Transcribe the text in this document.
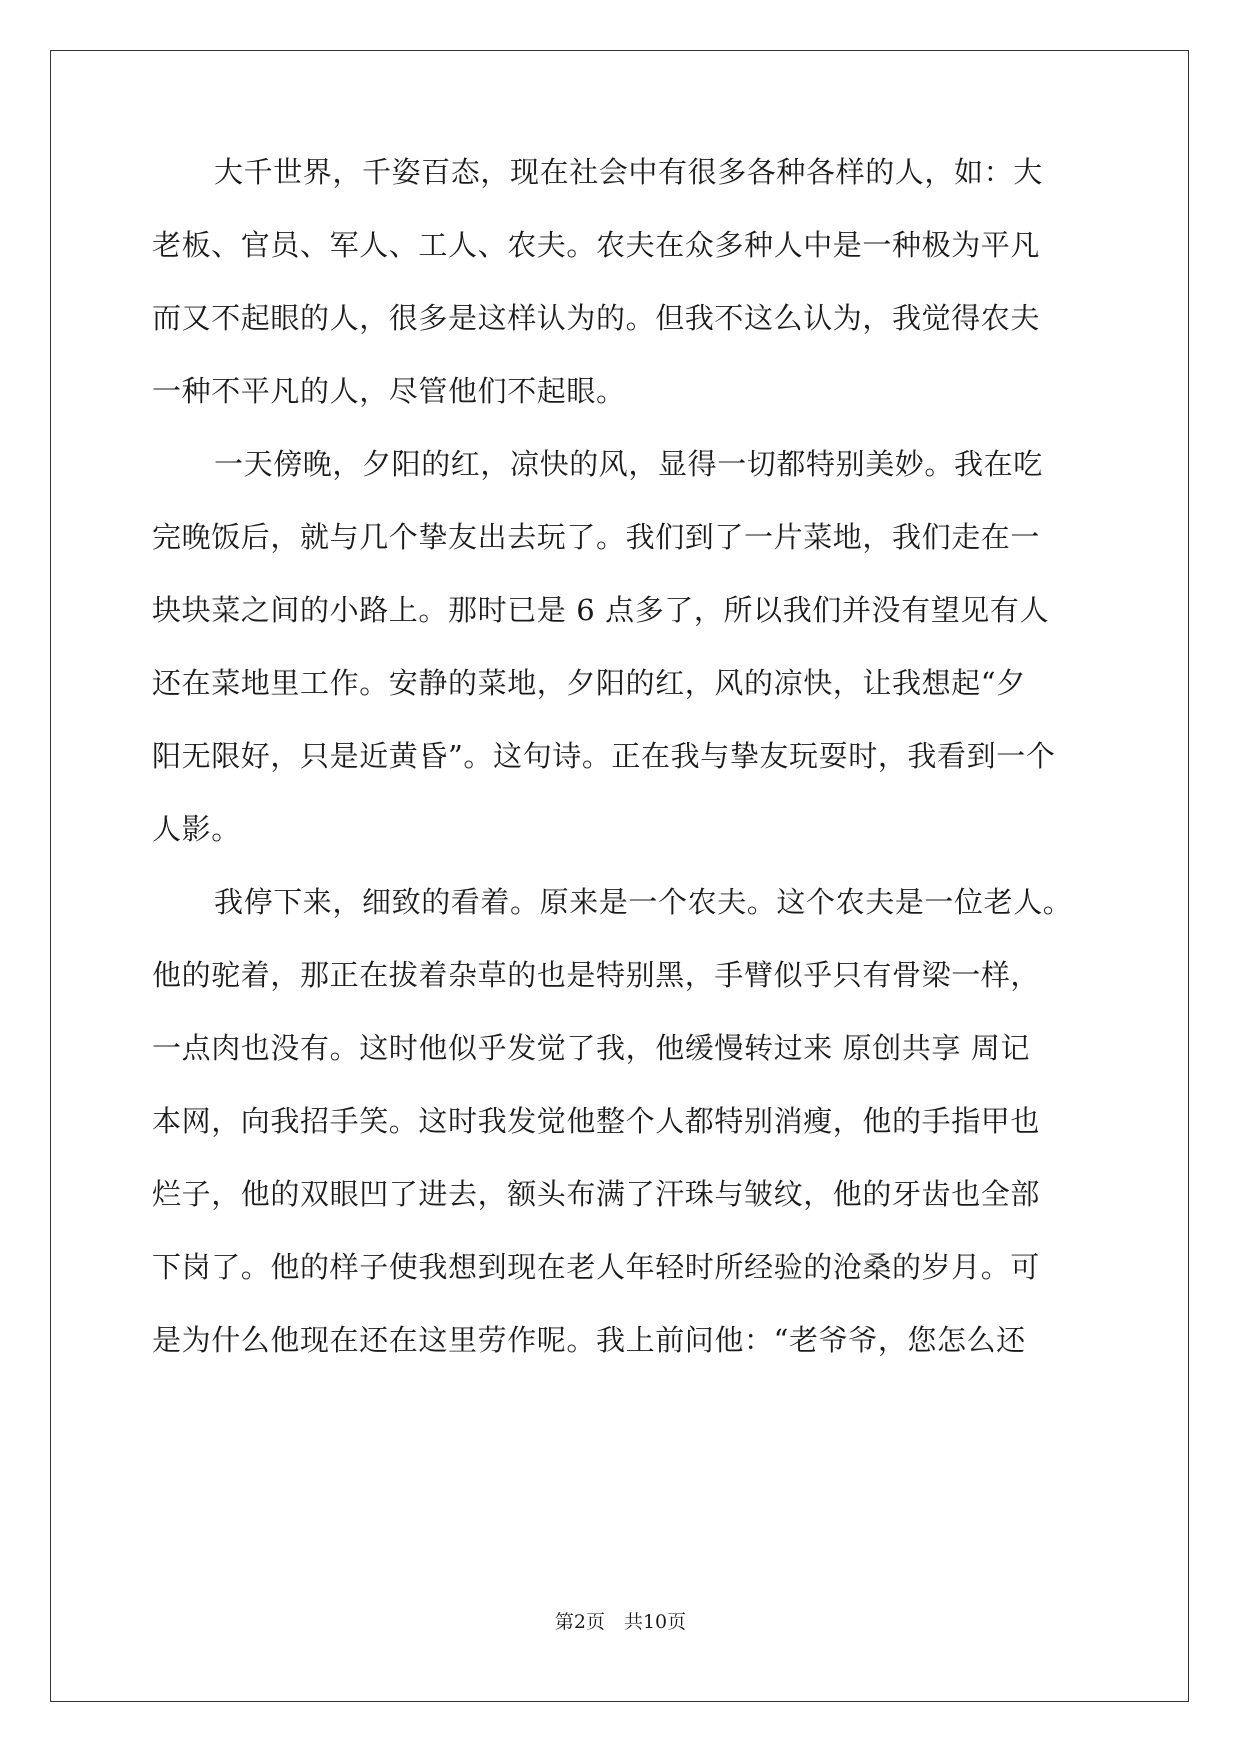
大千世界，千姿百态，现在社会中有很多各种各样的人，如：大
老板、官员、军人、工人、农夫。农夫在众多种人中是一种极为平凡
而又不起眼的人，很多是这样认为的。但我不这么认为，我觉得农夫
一种不平凡的人，尽管他们不起眼。
一天傍晚，夕阳的红，凉快的风，显得一切都特别美妙。我在吃
完晚饭后，就与几个挚友出去玩了。我们到了一片菜地，我们走在一
块块菜之间的小路上。那时已是 6 点多了，所以我们并没有望见有人
还在菜地里工作。安静的菜地，夕阳的红，风的凉快，让我想起“夕
阳无限好，只是近黄昏”。这句诗。正在我与挚友玩耍时，我看到一个
人影。
我停下来，细致的看着。原来是一个农夫。这个农夫是一位老人。
他的驼着，那正在拔着杂草的也是特别黑，手臂似乎只有骨梁一样，
一点肉也没有。这时他似乎发觉了我，他缓慢转过来 原创共享 周记
本网，向我招手笑。这时我发觉他整个人都特别消瘦，他的手指甲也
烂子，他的双眼凹了进去，额头布满了汗珠与皱纹，他的牙齿也全部
下岗了。他的样子使我想到现在老人年轻时所经验的沧桑的岁月。可
是为什么他现在还在这里劳作呢。我上前问他：“老爷爷，您怎么还
第2页　共10页
